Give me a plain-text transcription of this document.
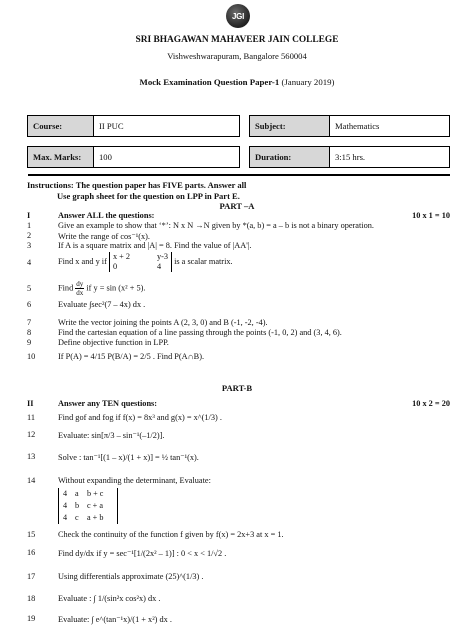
JGI
SRI BHAGAWAN MAHAVEER JAIN COLLEGE
Vishweshwarapuram, Bangalore 560004
Mock Examination Question Paper-1 (January 2019)
Course:	II PUC		Subject:	Mathematics
Max. Marks:	100		Duration:	3:15 hrs.
Instructions: The question paper has FIVE parts. Answer all
Use graph sheet for the question on LPP in Part E.
PART –A
I	Answer ALL the questions:	10 x 1 = 10
1	Give an example to show that ‘*’: N x N →N given by *(a, b) = a – b is not a binary operation.
2	Write the range of cos⁻¹(x).
3	If A is a square matrix and |A| = 8. Find the value of |AA'|.
4	Find x and y if x + 2	y-3
0	4 is a scalar matrix.
5	Find $\frac{dy}{dx}$ if y = sin (x² + 5).
6	Evaluate ∫sec²(7 – 4x) dx .
7	Write the vector joining the points A (2, 3, 0) and B (-1, -2, -4).
8	Find the cartesian equation of a line passing through the points (-1, 0, 2) and (3, 4, 6).
9	Define objective function in LPP.
10	If P(A) = 4/15 P(B/A) = 2/5 . Find P(A∩B).
PART-B
II	Answer any TEN questions:	10 x 2 = 20
11	Find gof and fog if f(x) = 8x³ and g(x) = x^(1/3) .
12	Evaluate: sin[π/3 – sin⁻¹(–1/2)].
13	Solve : tan⁻¹[(1 – x)/(1 + x)] = ½ tan⁻¹(x).
14	Without expanding the determinant, Evaluate:
4 a b + c
4 b c + a
4 c a + b
15	Check the continuity of the function f given by f(x) = 2x+3 at x = 1.
16	Find dy/dx if y = sec⁻¹[1/(2x² – 1)] : 0 < x < 1/√2 .
17	Using differentials approximate (25)^(1/3) .
18	Evaluate : ∫ 1/(sin²x cos²x) dx .
19	Evaluate: ∫ e^(tan⁻¹x)/(1 + x²) dx .
